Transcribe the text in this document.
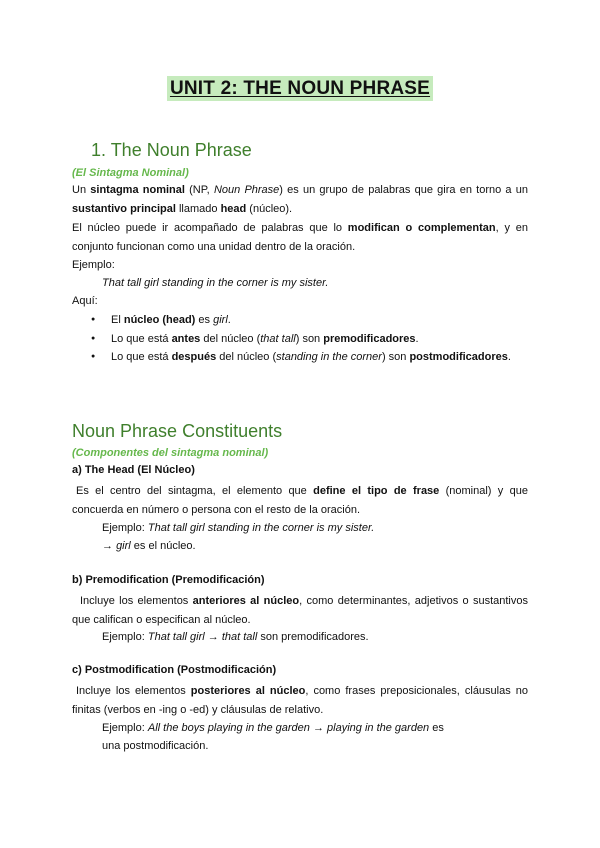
UNIT 2: THE NOUN PHRASE
1. The Noun Phrase
(El Sintagma Nominal)
Un sintagma nominal (NP, Noun Phrase) es un grupo de palabras que gira en torno a un sustantivo principal llamado head (núcleo).
El núcleo puede ir acompañado de palabras que lo modifican o complementan, y en conjunto funcionan como una unidad dentro de la oración.
Ejemplo:
That tall girl standing in the corner is my sister.
Aquí:
● El núcleo (head) es girl.
● Lo que está antes del núcleo (that tall) son premodificadores.
● Lo que está después del núcleo (standing in the corner) son postmodificadores.
Noun Phrase Constituents
(Componentes del sintagma nominal)
a) The Head (El Núcleo)
Es el centro del sintagma, el elemento que define el tipo de frase (nominal) y que concuerda en número o persona con el resto de la oración.
Ejemplo: That tall girl standing in the corner is my sister.
→ girl es el núcleo.
b) Premodification (Premodificación)
Incluye los elementos anteriores al núcleo, como determinantes, adjetivos o sustantivos que califican o especifican al núcleo.
Ejemplo: That tall girl → that tall son premodificadores.
c) Postmodification (Postmodificación)
Incluye los elementos posteriores al núcleo, como frases preposicionales, cláusulas no finitas (verbos en -ing o -ed) y cláusulas de relativo.
Ejemplo: All the boys playing in the garden → playing in the garden es
una postmodificación.
